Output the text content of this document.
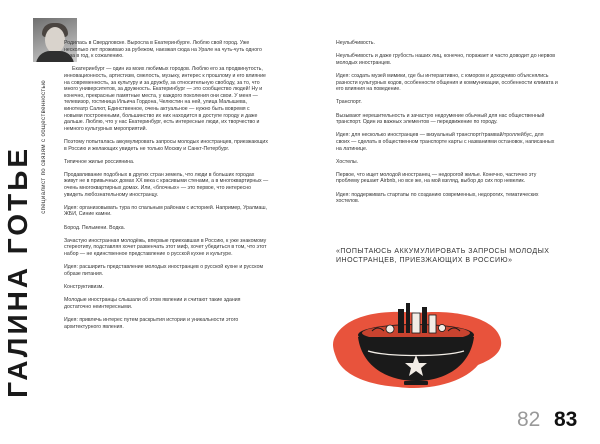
ГАЛИНА ГОТЬЕ специалист по связям с общественностью

Родилась в Свердловске. Выросла в Екатеринбурге. Люблю свой город. Уже несколько лет проживаю за рубежом, наезжая сюда на Урале на чуть-чуть одного раза в год, к сожалению.

Екатеринбург — один из моих любимых городов. Люблю его за продвинутость, инновационность, артистизм, смелость, музыку, интерес к прошлому и его влияние на современность, за культуру и за дружбу, за относительную свободу, за то, что много университетов, за дружность. Екатеринбург — это сообщество людей! Ну и конечно, прекрасные памятные места, у каждого поколения они свои. У меня — телевизор, гостиница Ильича Гордона, Челюстин на ней, улица Малышева, кинотеатр Салют, Единственное, очень актуальное — нужно быть вовремя с новыми построенными, большинство их них находится в доступе городу и даже дальше. Люблю, что у нас Екатеринбург, есть интересные люди, их творчество и немного культурных мероприятий.

Поэтому попыталась аккумулировать запросы молодых иностранцев, приезжающих в Россию и желающих увидеть не только Москву и Санкт-Петербург.

Типичное жилье россиянина.

Продавливание подобных в других стран земель, что люди в больших городах живут не в привычных домах XX века с красивыми стенами, а в многоквартирных — очень многоквартирных домах. Или, «блочных» — это первое, что интересно увидеть любознательному иностранцу.

Идея: организовывать тура по спальным районам с историей. Например, Уралмаш, ЖБИ, Синие камни.

Бород. Пельмени. Водка.

Зачастую иностранная молодёжь, впервые приехавшая в Россию, к уже знакомому стереотипу, подставляя хочет развенчать этот миф, хочет убедиться в том, что этот набор — не единственное представление о русской кухне и культуре.

Идея: расширить представление молодых иностранцев о русской кухне и русском образе питания.

Конструктивизм.

Молодые иностранцы слышали об этом явлении и считают такие здания достаточно неинтересными.

Идея: привлечь интерес путем раскрытия истории и уникальности этого архитектурного явления.

Неулыбчивость.

Неулыбчивость и даже грубость наших лиц, конечно, поражает и часто доводит до нервов молодых иностранцев.

Идея: создать музей мимики, где бы интерактивно, с юмором и доходчиво объяснялись разности культурных кодов, особенности общения и коммуникации, особенности климата и его влияния на поведение.

Транспорт.

Вызывают нерешительность и зачастую недоумение обычный для нас общественный транспорт. Один из важных элементов — передвижение по городу.

Идея: для несколько иностранцев — визуальный транспорт/трамвай/троллейбус, для своих — сделать в общественном транспорте карты с названиями остановок, написанных на латинице.

Хостелы.

Первое, что ищет молодой иностранец — недорогой жилье. Конечно, частично эту проблему решает Airbnb, но все же, на мой взгляд, выбор до сих пор невелик.

Идея: поддерживать стартапы по созданию современных, недорогих, тематических хостелов.

«ПОПЫТАЮСЬ АККУМУЛИРОВАТЬ ЗАПРОСЫ МОЛОДЫХ ИНОСТРАНЦЕВ, ПРИЕЗЖАЮЩИХ В РОССИЮ»
82 83
